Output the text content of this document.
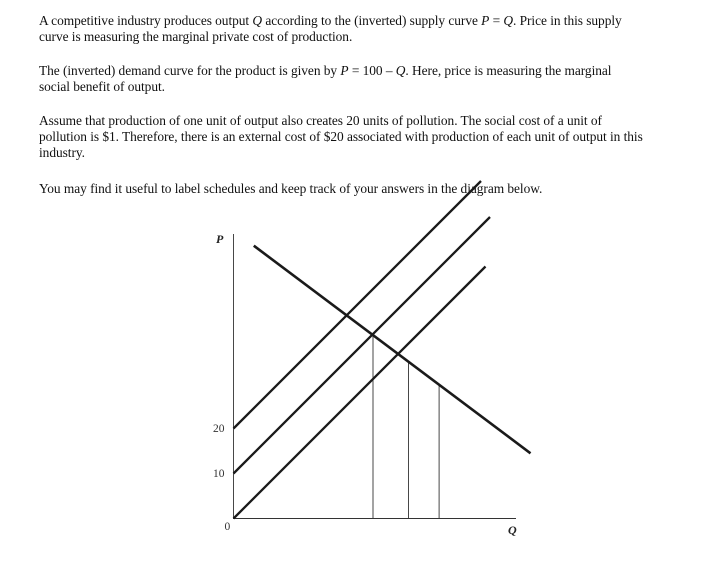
A competitive industry produces output Q according to the (inverted) supply curve P = Q. Price in this supply
curve is measuring the marginal private cost of production.

The (inverted) demand curve for the product is given by P = 100 – Q. Here, price is measuring the marginal
social benefit of output.

Assume that production of one unit of output also creates 20 units of pollution. The social cost of a unit of
pollution is $1. Therefore, there is an external cost of $20 associated with production of each unit of output in this
industry.

You may find it useful to label schedules and keep track of your answers in the diagram below.

P
Q
0
10
20
